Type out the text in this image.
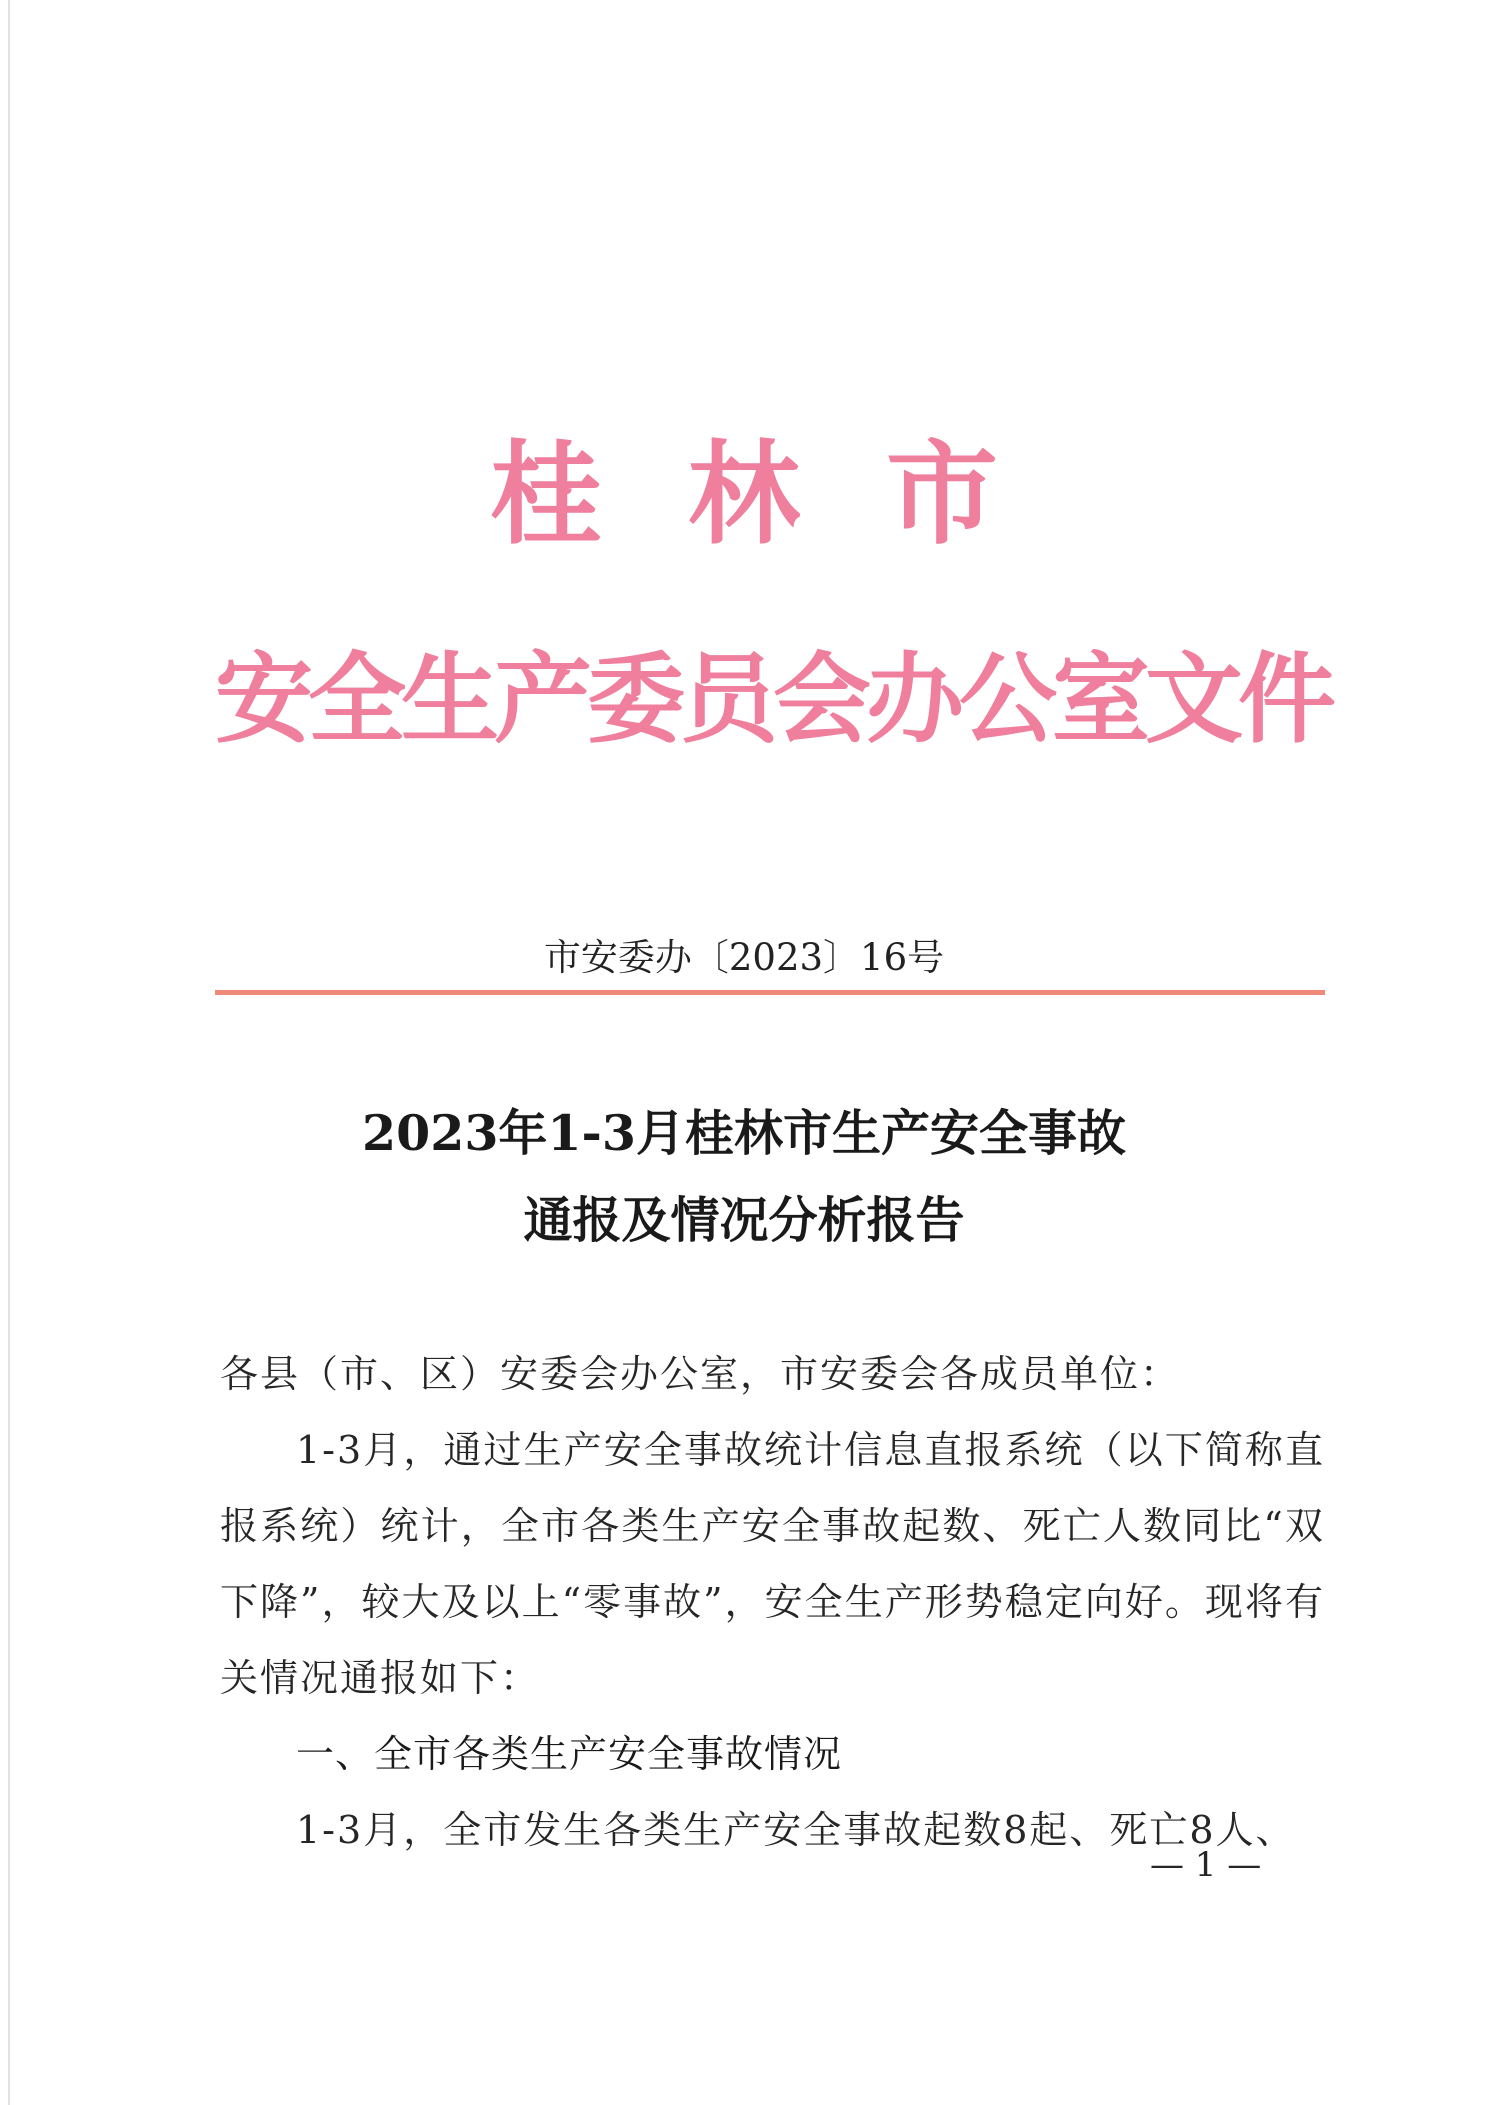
桂林市
安全生产委员会办公室文件
市安委办〔2023〕16号
2023年1-3月桂林市生产安全事故
通报及情况分析报告
各县（市、区）安委会办公室，市安委会各成员单位：
1-3月，通过生产安全事故统计信息直报系统（以下简称直报系统）统计，全市各类生产安全事故起数、死亡人数同比“双下降”，较大及以上“零事故”，安全生产形势稳定向好。现将有关情况通报如下：
一、全市各类生产安全事故情况
1-3月，全市发生各类生产安全事故起数8起、死亡8人、
— 1 —
